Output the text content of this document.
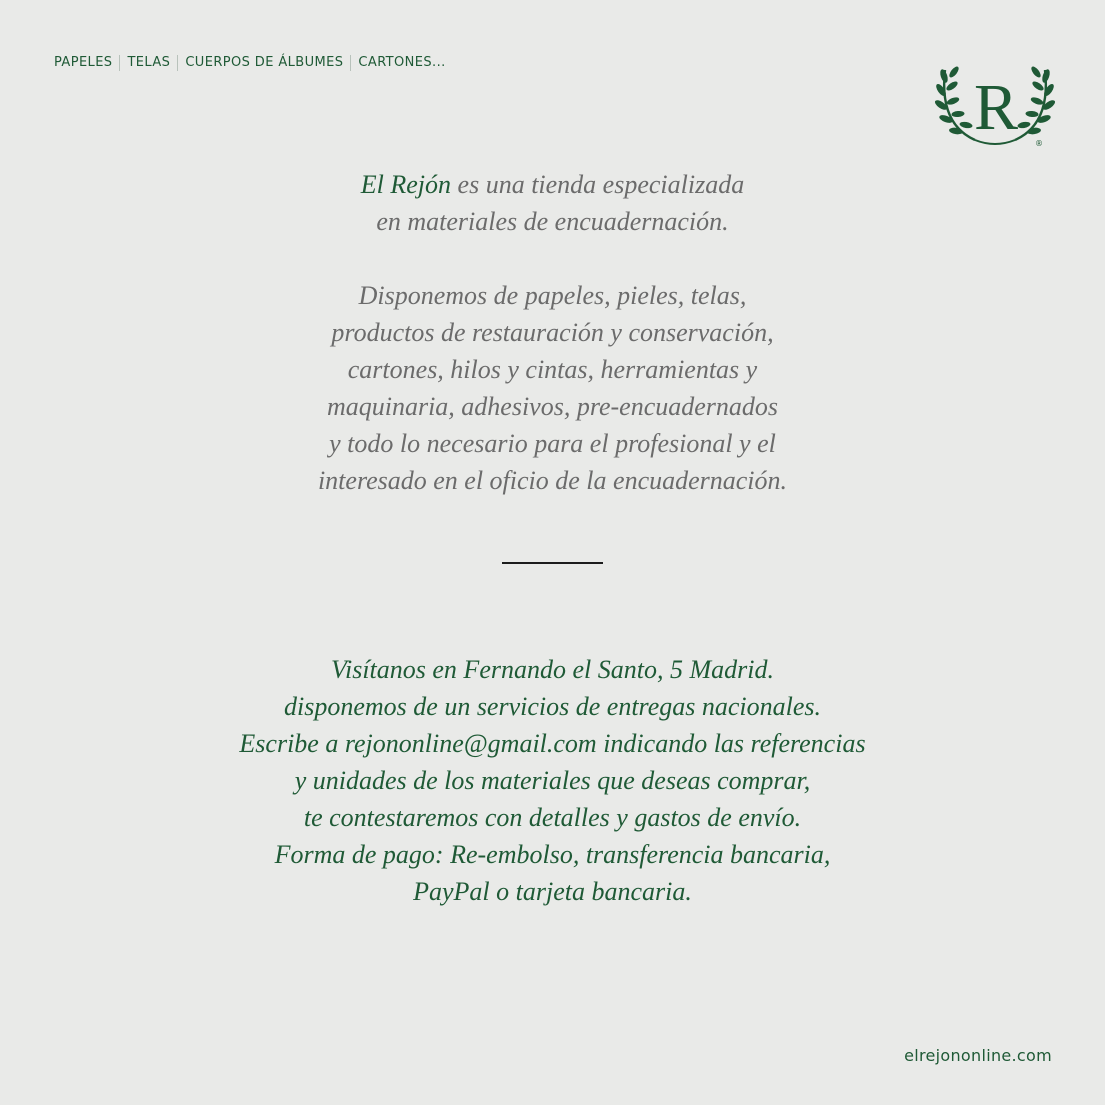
PAPELES TELAS CUERPOS DE ÁLBUMES CARTONES...
R ®

El Rejón es una tienda especializada

en materiales de encuadernación.

Disponemos de papeles, pieles, telas,

productos de restauración y conservación,

cartones, hilos y cintas, herramientas y

maquinaria, adhesivos, pre-encuadernados

y todo lo necesario para el profesional y el

interesado en el oficio de la encuadernación.

Visítanos en Fernando el Santo, 5 Madrid.

disponemos de un servicios de entregas nacionales.

Escribe a rejononline@gmail.com indicando las referencias

y unidades de los materiales que deseas comprar,

te contestaremos con detalles y gastos de envío.

Forma de pago: Re-embolso, transferencia bancaria,

PayPal o tarjeta bancaria.

elrejononline.com
